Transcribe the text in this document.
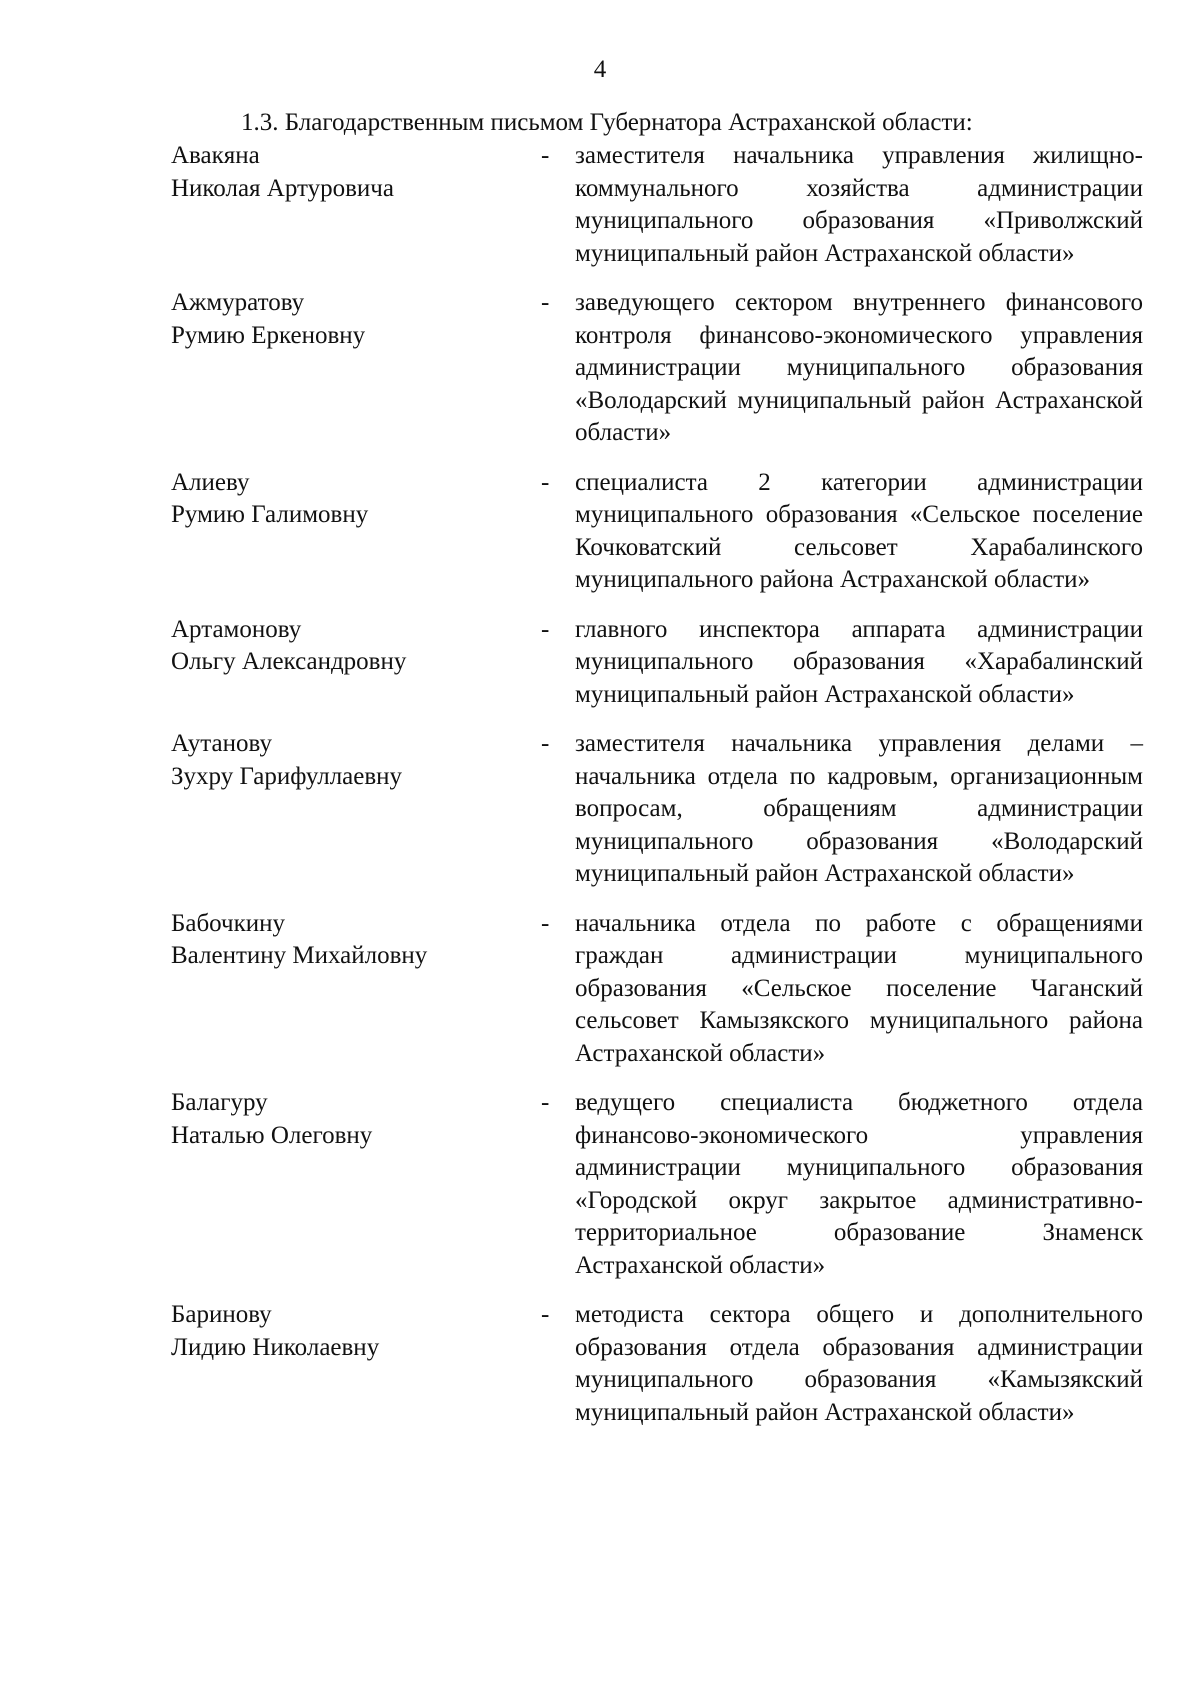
4
1.3. Благодарственным письмом Губернатора Астраханской области:
Авакяна
Николая Артуровича
-	заместителя начальника управления жилищно-коммунального хозяйства администрации муниципального образования «Приволжский муниципальный район Астраханской области»
Ажмуратову
Румию Еркеновну
-	заведующего сектором внутреннего финансового контроля финансово-экономического управления администрации муниципального образования «Володарский муниципальный район Астраханской области»
Алиеву
Румию Галимовну
-	специалиста 2 категории администрации муниципального образования «Сельское поселение Кочковатский сельсовет Харабалинского муниципального района Астраханской области»
Артамонову
Ольгу Александровну
-	главного инспектора аппарата администрации муниципального образования «Харабалинский муниципальный район Астраханской области»
Аутанову
Зухру Гарифуллаевну
-	заместителя начальника управления делами – начальника отдела по кадровым, организационным вопросам, обращениям администрации муниципального образования «Володарский муниципальный район Астраханской области»
Бабочкину
Валентину Михайловну
-	начальника отдела по работе с обращениями граждан администрации муниципального образования «Сельское поселение Чаганский сельсовет Камызякского муниципального района Астраханской области»
Балагуру
Наталью Олеговну
-	ведущего специалиста бюджетного отдела финансово-экономического управления администрации муниципального образования «Городской округ закрытое административно-территориальное образование Знаменск Астраханской области»
Баринову
Лидию Николаевну
-	методиста сектора общего и дополнительного образования отдела образования администрации муниципального образования «Камызякский муниципальный район Астраханской области»
